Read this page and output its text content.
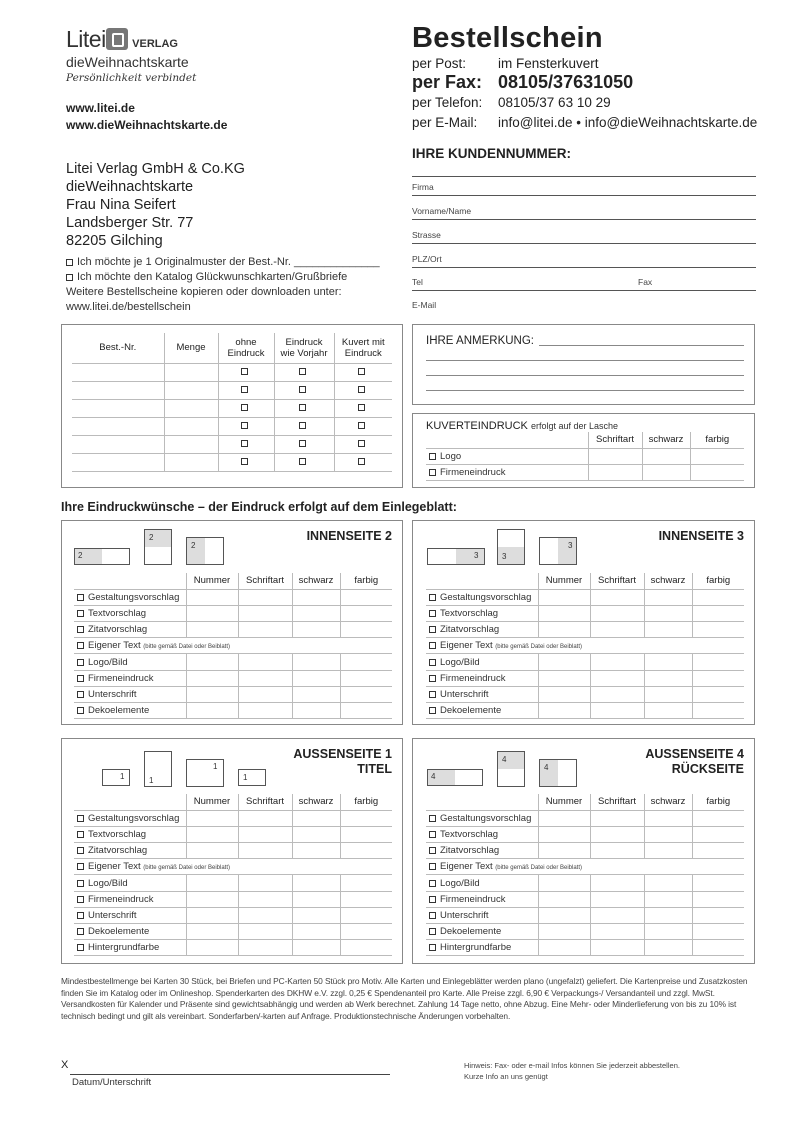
Litei VERLAG
dieWeihnachtskarte
Persönlichkeit verbindet
www.litei.de
www.dieWeihnachtskarte.de
Litei Verlag GmbH & Co.KG
dieWeihnachtskarte
Frau Nina Seifert
Landsberger Str. 77
82205 Gilching
Ich möchte je 1 Originalmuster der Best.-Nr. ______________
Ich möchte den Katalog Glückwunschkarten/Grußbriefe
Weitere Bestellscheine kopieren oder downloaden unter:
www.litei.de/bestellschein
Bestellschein
per Post: im Fensterkuvert
per Fax: 08105/37631050
per Telefon: 08105/37 63 10 29
per E-Mail: info@litei.de • info@dieWeihnachtskarte.de
IHRE KUNDENNUMMER:
Firma
Vorname/Name
Strasse
PLZ/Ort
Tel	Fax
E-Mail
Best.-Nr.	Menge	ohne Eindruck	Eindruck wie Vorjahr	Kuvert mit Eindruck

IHRE ANMERKUNG:
KUVERTEINDRUCK erfolgt auf der Lasche
	Schriftart	schwarz	farbig
Logo			
Firmeneindruck			
Ihre Eindruckwünsche – der Eindruck erfolgt auf dem Einlegeblatt:
INNENSEITE 2
2
2
2
	Nummer	Schriftart	schwarz	farbig
Gestaltungsvorschlag				
Textvorschlag				
Zitatvorschlag				
Eigener Text (bitte gemäß Datei oder Beiblatt)				
Logo/Bild				
Firmeneindruck				
Unterschrift				
Dekoelemente				
INNENSEITE 3
3	3
3
	Nummer	Schriftart	schwarz	farbig
Gestaltungsvorschlag				
Textvorschlag				
Zitatvorschlag				
Eigener Text (bitte gemäß Datei oder Beiblatt)				
Logo/Bild				
Firmeneindruck				
Unterschrift				
Dekoelemente				
AUSSENSEITE 1
TITEL
1	1
1
1
	Nummer	Schriftart	schwarz	farbig
Gestaltungsvorschlag				
Textvorschlag				
Zitatvorschlag				
Eigener Text (bitte gemäß Datei oder Beiblatt)				
Logo/Bild				
Firmeneindruck				
Unterschrift				
Dekoelemente				
Hintergrundfarbe				
AUSSENSEITE 4
RÜCKSEITE
4
4
4
	Nummer	Schriftart	schwarz	farbig
Gestaltungsvorschlag				
Textvorschlag				
Zitatvorschlag				
Eigener Text (bitte gemäß Datei oder Beiblatt)				
Logo/Bild				
Firmeneindruck				
Unterschrift				
Dekoelemente				
Hintergrundfarbe				
Mindestbestellmenge bei Karten 30 Stück, bei Briefen und PC-Karten 50 Stück pro Motiv. Alle Karten und Einlegeblätter werden plano (ungefalzt) geliefert. Die Kartenpreise und Zusatzkosten finden Sie im Katalog oder im Onlineshop. Spenderkarten des DKHW e.V. zzgl. 0,25 € Spendenanteil pro Karte. Alle Preise zzgl. 6,90 € Verpackungs-/ Versandanteil und zzgl. MwSt. Versandkosten für Kalender und Präsente sind gewichtsabhängig und werden ab Werk berechnet. Zahlung 14 Tage netto, ohne Abzug. Eine Mehr- oder Minderlieferung von bis zu 10% ist technisch bedingt und gilt als vereinbart. Sonderfarben/-karten auf Anfrage. Produktionstechnische Änderungen vorbehalten.
X
Datum/Unterschrift
Hinweis: Fax- oder e-mail Infos können Sie jederzeit abbestellen.
Kurze Info an uns genügt
